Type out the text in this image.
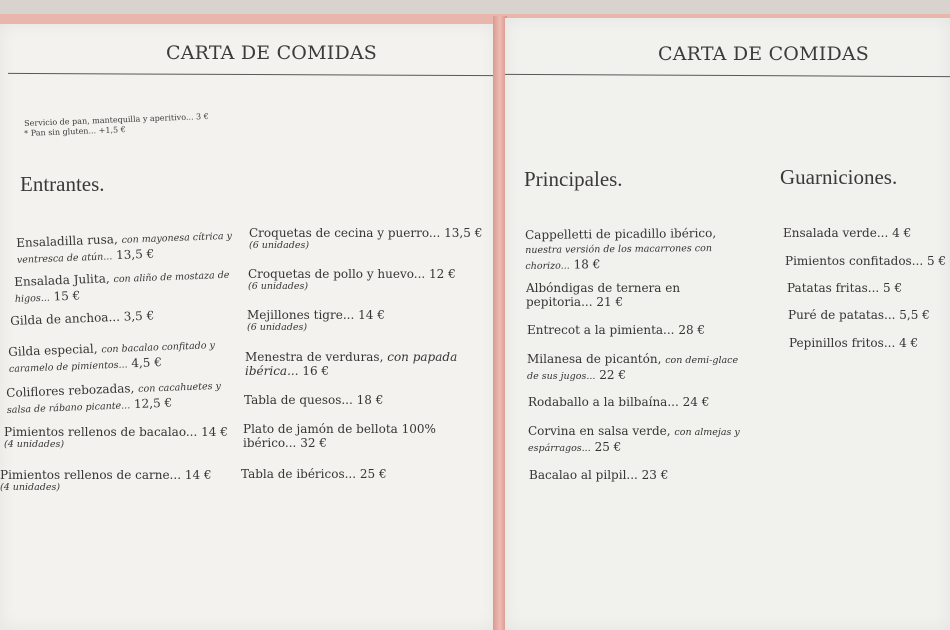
CARTA DE COMIDAS
Servicio de pan, mantequilla y aperitivo... 3 €
* Pan sin gluten... +1,5 €
Entrantes.
Ensaladilla rusa, con mayonesa cítrica y
ventresca de atún... 13,5 €
Ensalada Julita, con aliño de mostaza de
higos... 15 €
Gilda de anchoa... 3,5 €
Gilda especial, con bacalao confitado y
caramelo de pimientos... 4,5 €
Coliflores rebozadas, con cacahuetes y
salsa de rábano picante... 12,5 €
Pimientos rellenos de bacalao... 14 €
(4 unidades)
Pimientos rellenos de carne... 14 €
(4 unidades)
Croquetas de cecina y puerro... 13,5 €
(6 unidades)
Croquetas de pollo y huevo... 12 €
(6 unidades)
Mejillones tigre... 14 €
(6 unidades)
Menestra de verduras, con papada
ibérica... 16 €
Tabla de quesos... 18 €
Plato de jamón de bellota 100%
ibérico... 32 €
Tabla de ibéricos... 25 €
CARTA DE COMIDAS
Principales.	Guarniciones.
Cappelletti de picadillo ibérico,
nuestra versión de los macarrones con
chorizo... 18 €
Albóndigas de ternera en
pepitoria... 21 €
Entrecot a la pimienta... 28 €
Milanesa de picantón, con demi-glace
de sus jugos... 22 €
Rodaballo a la bilbaína... 24 €
Corvina en salsa verde, con almejas y
espárragos... 25 €
Bacalao al pilpil... 23 €
Ensalada verde... 4 €
Pimientos confitados... 5 €
Patatas fritas... 5 €
Puré de patatas... 5,5 €
Pepinillos fritos... 4 €
